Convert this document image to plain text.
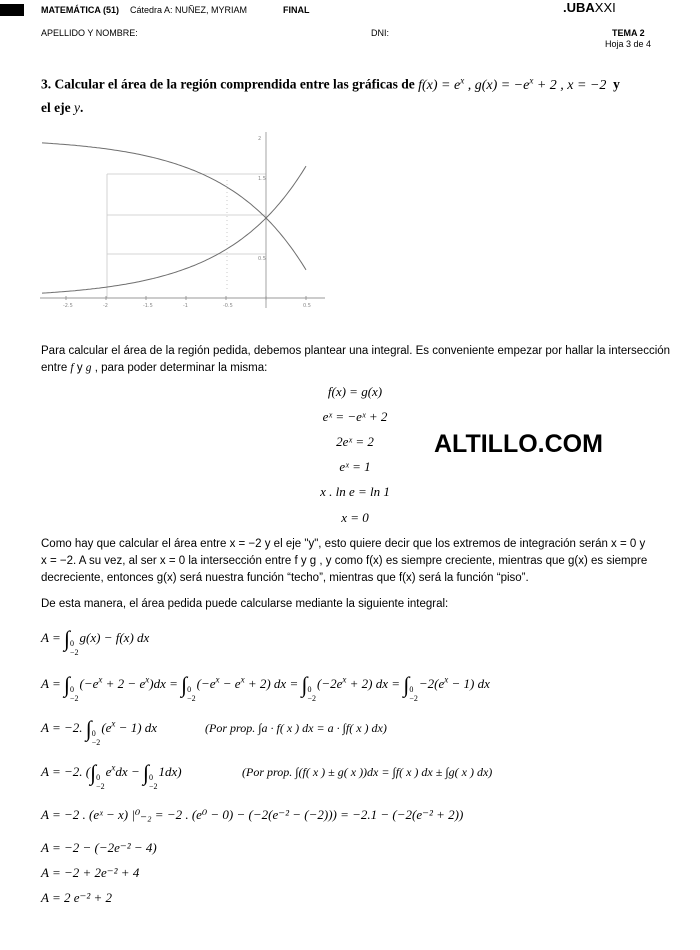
MATEMÁTICA (51) Cátedra A: NUÑEZ, MYRIAM	FINAL	.UBAXXI
APELLIDO Y NOMBRE:	DNI:	TEMA 2
Hoja 3 de 4
3. Calcular el área de la región comprendida entre las gráficas de $f(x) = e^x$ , $g(x) = -e^x + 2$ , x = −2  y
el eje y.
-2.5	-2	-1.5	-1	-0.5	0.5
2
1.5
0.5
Para calcular el área de la región pedida, debemos plantear una integral. Es conveniente empezar por hallar la intersección
entre f y g , para poder determinar la misma:
f(x) = g(x)
eˣ = −eˣ + 2
2eˣ = 2
eˣ = 1
x . ln e = ln 1
x = 0
ALTILLO.COM
Como hay que calcular el área entre x = −2 y el eje "y", esto quiere decir que los extremos de integración serán x = 0 y
x = −2. A su vez, al ser x = 0 la intersección entre f y g , y como f(x) es siempre creciente, mientras que g(x) es siempre
decreciente, entonces g(x) será nuestra función “techo”, mientras que f(x) será la función “piso”.
De esta manera, el área pedida puede calcularse mediante la siguiente integral:
A = ∫ 0
−2
g(x) − f(x) dx
A = ∫ 0
−2
$(-e^x + 2 - e^x)dx$ = ∫ 0
−2
$(-e^x - e^x + 2)$ dx = ∫ 0
−2
$(-2e^x + 2)$ dx = ∫ 0
−2
$-2(e^x - 1)$ dx
A = −2. ∫ 0
−2
$(e^x - 1)$ dx	(Por prop. ∫a · f( x ) dx = a · ∫f( x ) dx)
A = −2. (∫ 0
−2
$e^xdx$ − ∫ 0
−2
1dx)	(Por prop. ∫(f( x ) ± g( x ))dx = ∫f( x ) dx ± ∫g( x ) dx)
A = −2 . (eˣ − x) |⁰₋₂ = −2 . (e⁰ − 0) − (−2(e⁻² − (−2))) = −2.1 − (−2(e⁻² + 2))
A = −2 − (−2e⁻² − 4)
A = −2 + 2e⁻² + 4
A = 2 e⁻² + 2
